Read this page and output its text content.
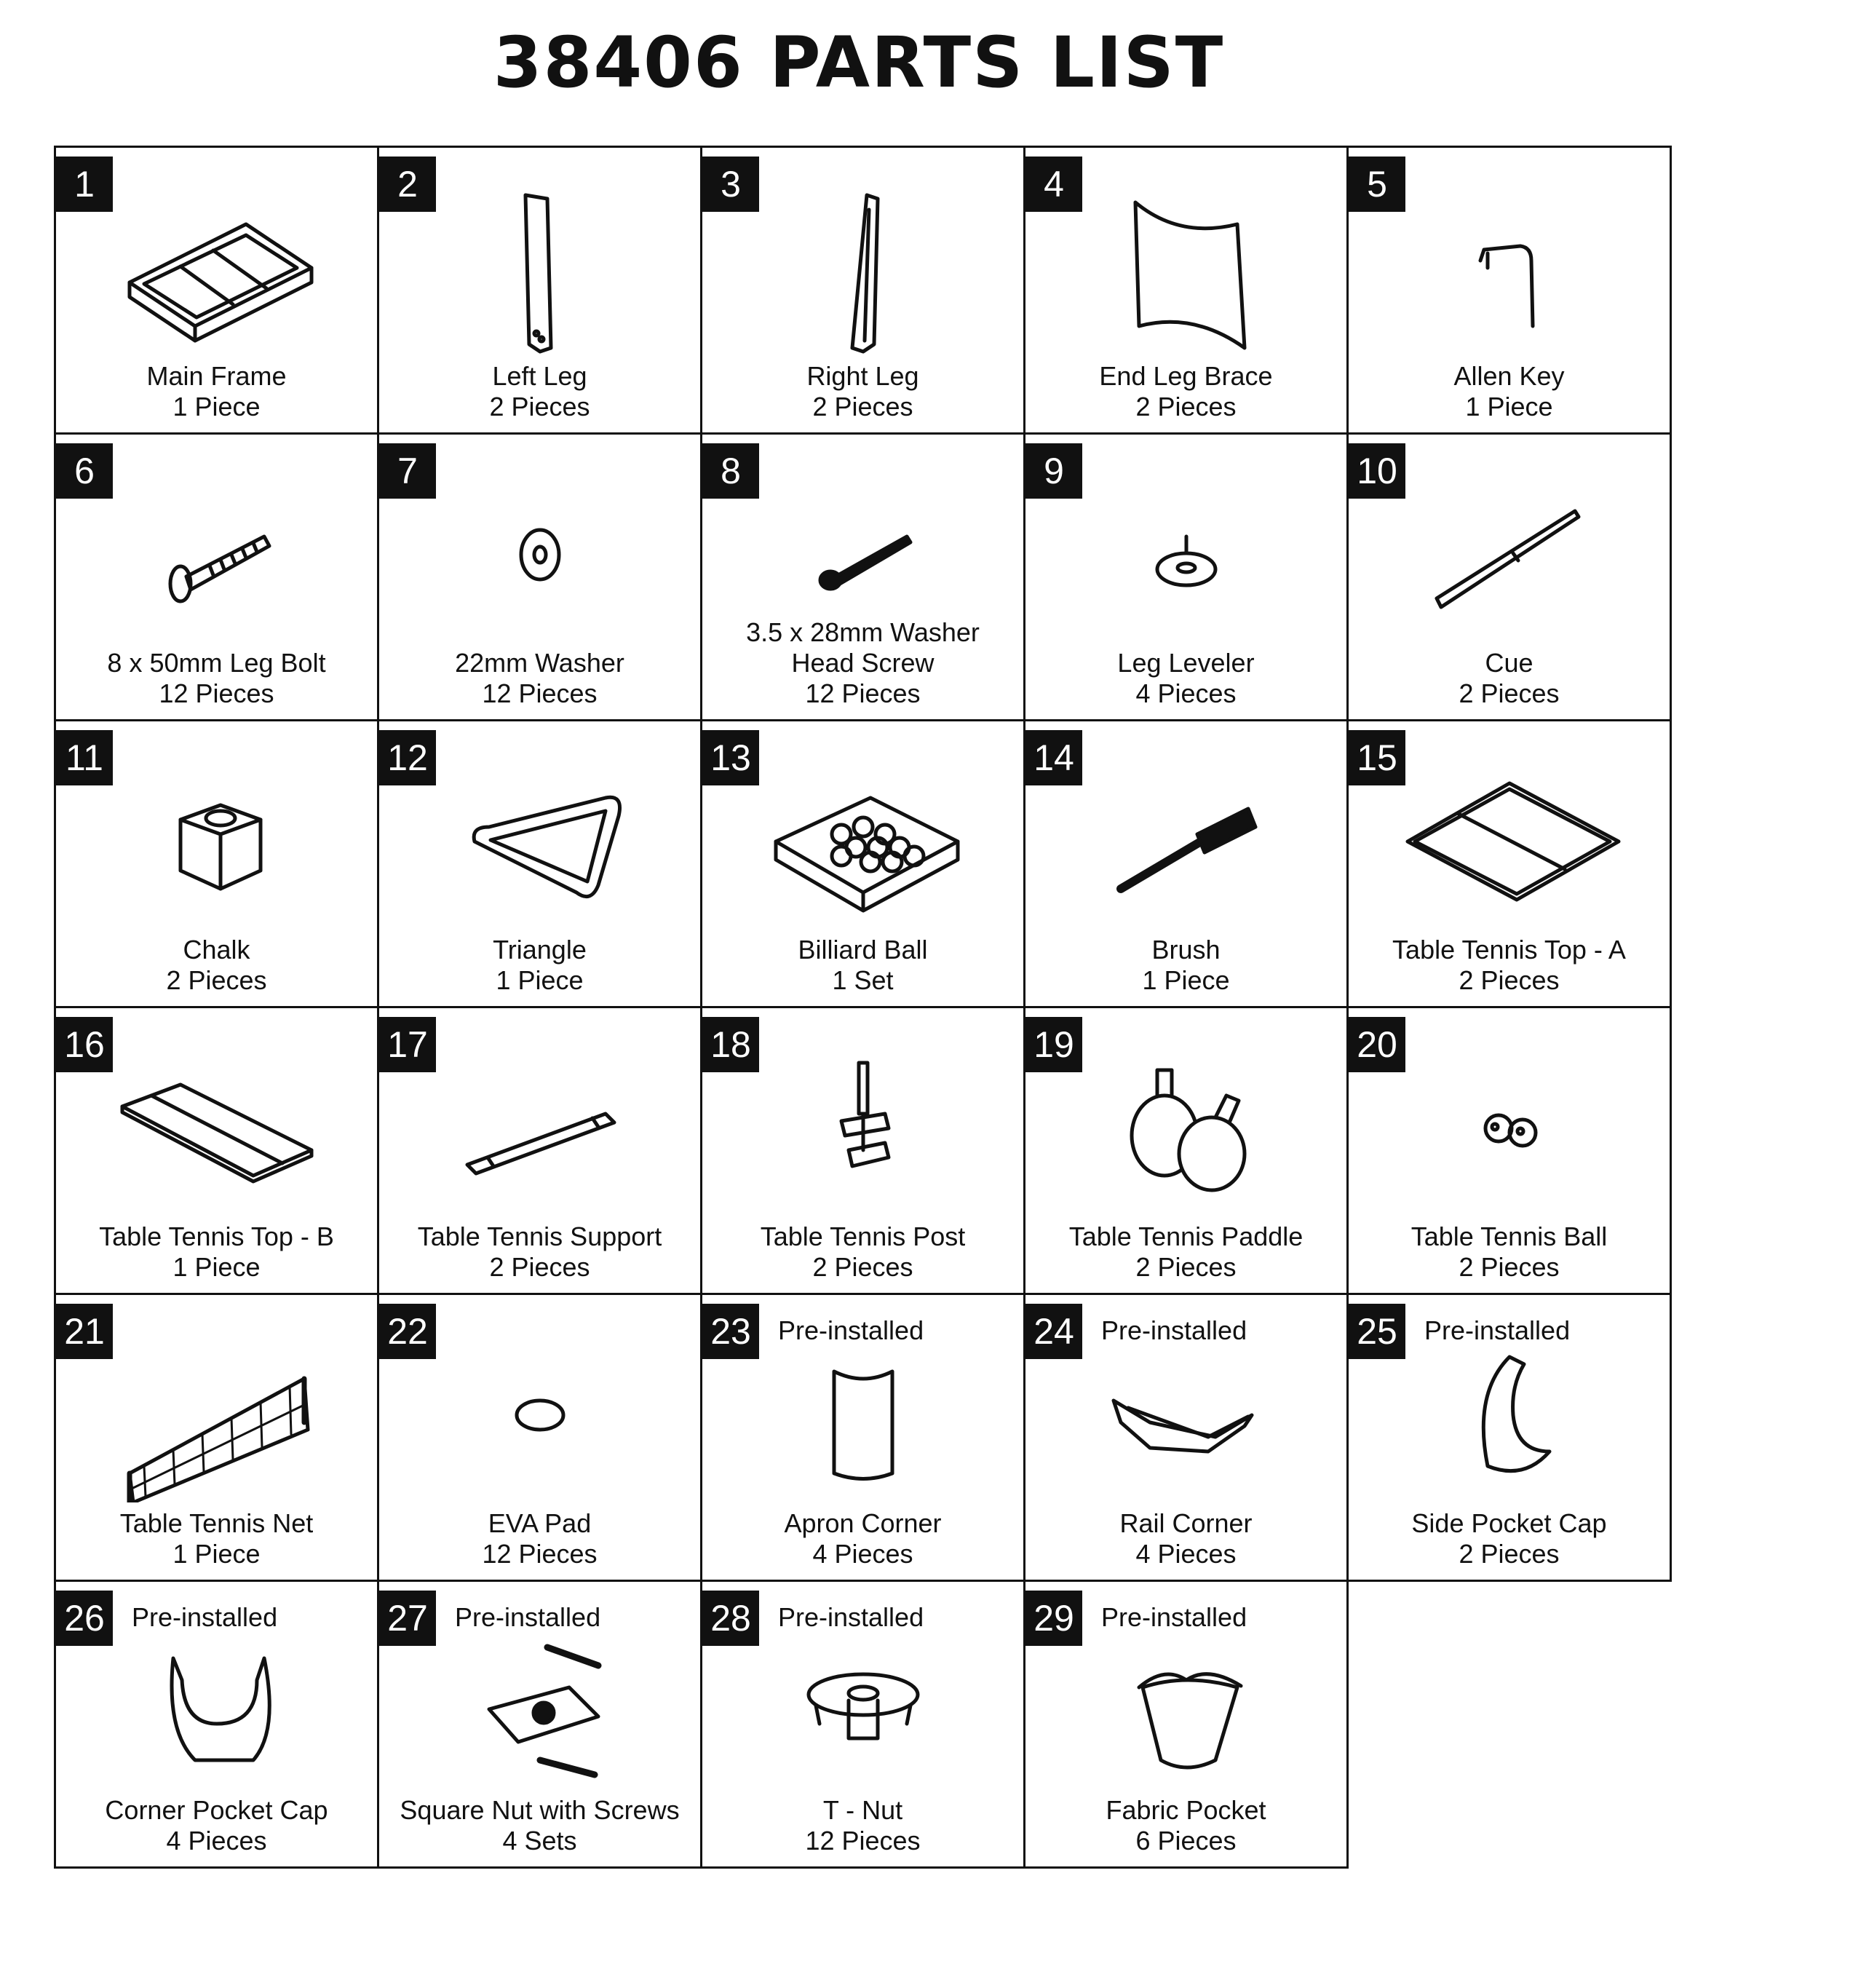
38406 PARTS LIST
1
Main Frame
1 Piece
2
Left Leg
2 Pieces
3
Right Leg
2 Pieces
4
End Leg Brace
2 Pieces
5
Allen Key
1 Piece
6
8 x 50mm Leg Bolt
12 Pieces
7
22mm Washer
12 Pieces
8
3.5 x 28mm Washer
Head Screw
12 Pieces
9
Leg Leveler
4 Pieces
10
Cue
2 Pieces
11
Chalk
2 Pieces
12
Triangle
1 Piece
13
Billiard Ball
1 Set
14
Brush
1 Piece
15
Table Tennis Top - A
2 Pieces
16
Table Tennis Top - B
1 Piece
17
Table Tennis Support
2 Pieces
18
Table Tennis Post
2 Pieces
19
Table Tennis Paddle
2 Pieces
20
Table Tennis Ball
2 Pieces
21
Table Tennis Net
1 Piece
22
EVA Pad
12 Pieces
23	Pre-installed
Apron Corner
4 Pieces
24	Pre-installed
Rail Corner
4 Pieces
25	Pre-installed
Side Pocket Cap
2 Pieces
26	Pre-installed
Corner Pocket Cap
4 Pieces
27	Pre-installed
Square Nut with Screws
4 Sets
28	Pre-installed
T - Nut
12 Pieces
29	Pre-installed
Fabric Pocket
6 Pieces
